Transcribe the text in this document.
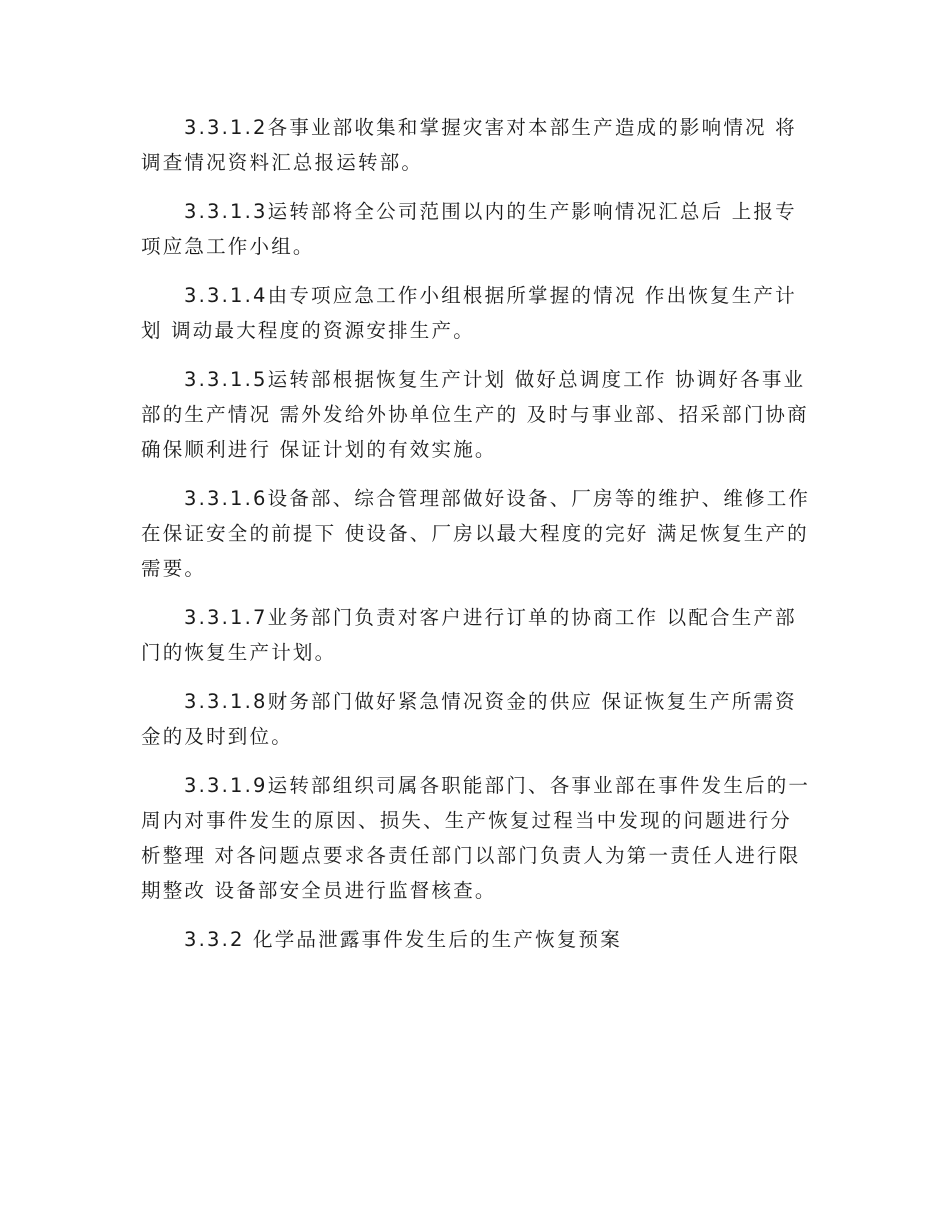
3.3.1.2各事业部收集和掌握灾害对本部生产造成的影响情况 将调查情况资料汇总报运转部。

3.3.1.3运转部将全公司范围以内的生产影响情况汇总后 上报专项应急工作小组。

3.3.1.4由专项应急工作小组根据所掌握的情况 作出恢复生产计划 调动最大程度的资源安排生产。

3.3.1.5运转部根据恢复生产计划 做好总调度工作 协调好各事业部的生产情况 需外发给外协单位生产的 及时与事业部、招采部门协商 确保顺利进行 保证计划的有效实施。

3.3.1.6设备部、综合管理部做好设备、厂房等的维护、维修工作在保证安全的前提下 使设备、厂房以最大程度的完好 满足恢复生产的需要。

3.3.1.7业务部门负责对客户进行订单的协商工作 以配合生产部门的恢复生产计划。

3.3.1.8财务部门做好紧急情况资金的供应 保证恢复生产所需资金的及时到位。

3.3.1.9运转部组织司属各职能部门、各事业部在事件发生后的一周内对事件发生的原因、损失、生产恢复过程当中发现的问题进行分析整理 对各问题点要求各责任部门以部门负责人为第一责任人进行限期整改 设备部安全员进行监督核查。

3.3.2 化学品泄露事件发生后的生产恢复预案
